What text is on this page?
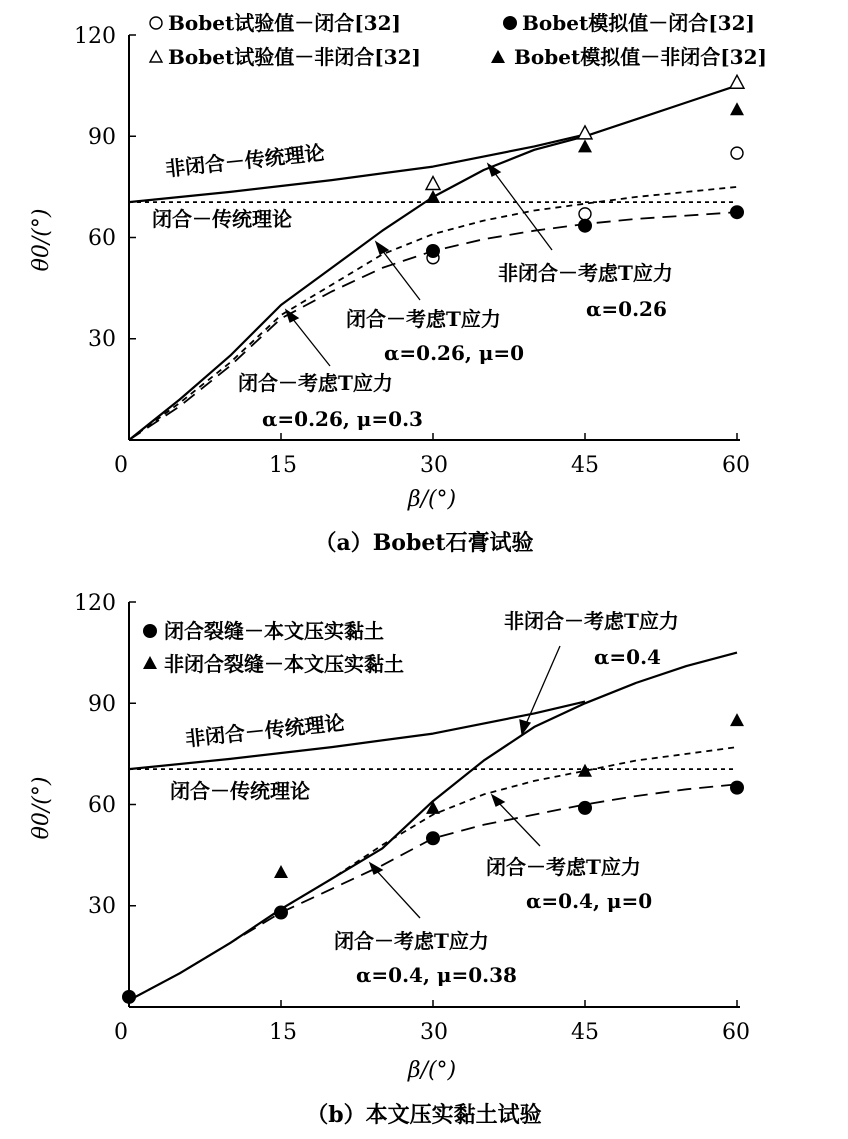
0	15	30	45	60
30
60
90
120
β/(°)
θ0/(°)
Bobet试验值－闭合[32]	Bobet模拟值－闭合[32]
Bobet试验值－非闭合[32]	Bobet模拟值－非闭合[32]
非闭合－传统理论
闭合－传统理论
非闭合－考虑T应力
α=0.26
闭合－考虑T应力
α=0.26, μ=0
闭合－考虑T应力
α=0.26, μ=0.3
（a）Bobet石膏试验
0	15	30	45	60
30
60
90
120
β/(°)
θ0/(°)
闭合裂缝－本文压实黏土
非闭合裂缝－本文压实黏土
非闭合－考虑T应力
α=0.4
非闭合－传统理论
闭合－传统理论
闭合－考虑T应力
α=0.4, μ=0
闭合－考虑T应力
α=0.4, μ=0.38
（b）本文压实黏土试验
